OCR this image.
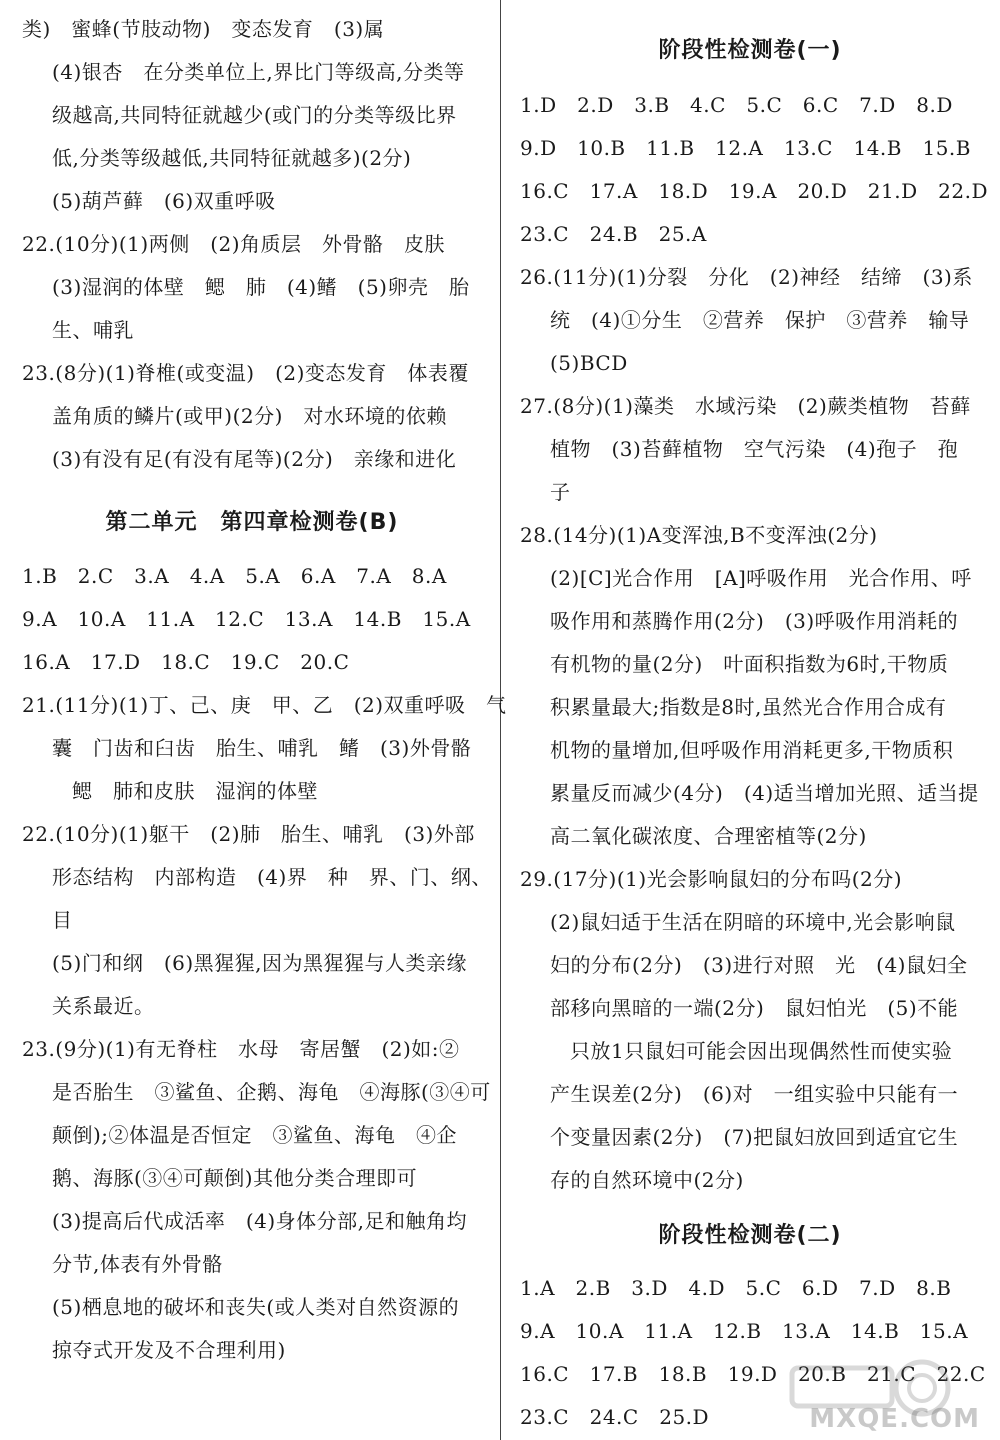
类)　蜜蜂(节肢动物)　变态发育　(3)属
(4)银杏　在分类单位上,界比门等级高,分类等
级越高,共同特征就越少(或门的分类等级比界
低,分类等级越低,共同特征就越多)(2分)
(5)葫芦藓　(6)双重呼吸
22.(10分)(1)两侧　(2)角质层　外骨骼　皮肤
(3)湿润的体壁　鳃　肺　(4)鳍　(5)卵壳　胎
生、哺乳
23.(8分)(1)脊椎(或变温)　(2)变态发育　体表覆
盖角质的鳞片(或甲)(2分)　对水环境的依赖
(3)有没有足(有没有尾等)(2分)　亲缘和进化
第二单元　第四章检测卷(B)
1.B　2.C　3.A　4.A　5.A　6.A　7.A　8.A
9.A　10.A　11.A　12.C　13.A　14.B　15.A
16.A　17.D　18.C　19.C　20.C
21.(11分)(1)丁、己、庚　甲、乙　(2)双重呼吸　气
囊　门齿和臼齿　胎生、哺乳　鳍　(3)外骨骼
鳃　肺和皮肤　湿润的体壁
22.(10分)(1)躯干　(2)肺　胎生、哺乳　(3)外部
形态结构　内部构造　(4)界　种　界、门、纲、
目
(5)门和纲　(6)黑猩猩,因为黑猩猩与人类亲缘
关系最近。
23.(9分)(1)有无脊柱　水母　寄居蟹　(2)如:②
是否胎生　③鲨鱼、企鹅、海龟　④海豚(③④可
颠倒);②体温是否恒定　③鲨鱼、海龟　④企
鹅、海豚(③④可颠倒)其他分类合理即可
(3)提高后代成活率　(4)身体分部,足和触角均
分节,体表有外骨骼
(5)栖息地的破坏和丧失(或人类对自然资源的
掠夺式开发及不合理利用)
阶段性检测卷(一)
1.D　2.D　3.B　4.C　5.C　6.C　7.D　8.D
9.D　10.B　11.B　12.A　13.C　14.B　15.B
16.C　17.A　18.D　19.A　20.D　21.D　22.D
23.C　24.B　25.A
26.(11分)(1)分裂　分化　(2)神经　结缔　(3)系
统　(4)①分生　②营养　保护　③营养　输导
(5)BCD
27.(8分)(1)藻类　水域污染　(2)蕨类植物　苔藓
植物　(3)苔藓植物　空气污染　(4)孢子　孢
子
28.(14分)(1)A变浑浊,B不变浑浊(2分)
(2)[C]光合作用　[A]呼吸作用　光合作用、呼
吸作用和蒸腾作用(2分)　(3)呼吸作用消耗的
有机物的量(2分)　叶面积指数为6时,干物质
积累量最大;指数是8时,虽然光合作用合成有
机物的量增加,但呼吸作用消耗更多,干物质积
累量反而减少(4分)　(4)适当增加光照、适当提
高二氧化碳浓度、合理密植等(2分)
29.(17分)(1)光会影响鼠妇的分布吗(2分)
(2)鼠妇适于生活在阴暗的环境中,光会影响鼠
妇的分布(2分)　(3)进行对照　光　(4)鼠妇全
部移向黑暗的一端(2分)　鼠妇怕光　(5)不能
只放1只鼠妇可能会因出现偶然性而使实验
产生误差(2分)　(6)对　一组实验中只能有一
个变量因素(2分)　(7)把鼠妇放回到适宜它生
存的自然环境中(2分)
阶段性检测卷(二)
1.A　2.B　3.D　4.D　5.C　6.D　7.D　8.B
9.A　10.A　11.A　12.B　13.A　14.B　15.A
16.C　17.B　18.B　19.D　20.B　21.C　22.C
23.C　24.C　25.D	MXQE.COM
